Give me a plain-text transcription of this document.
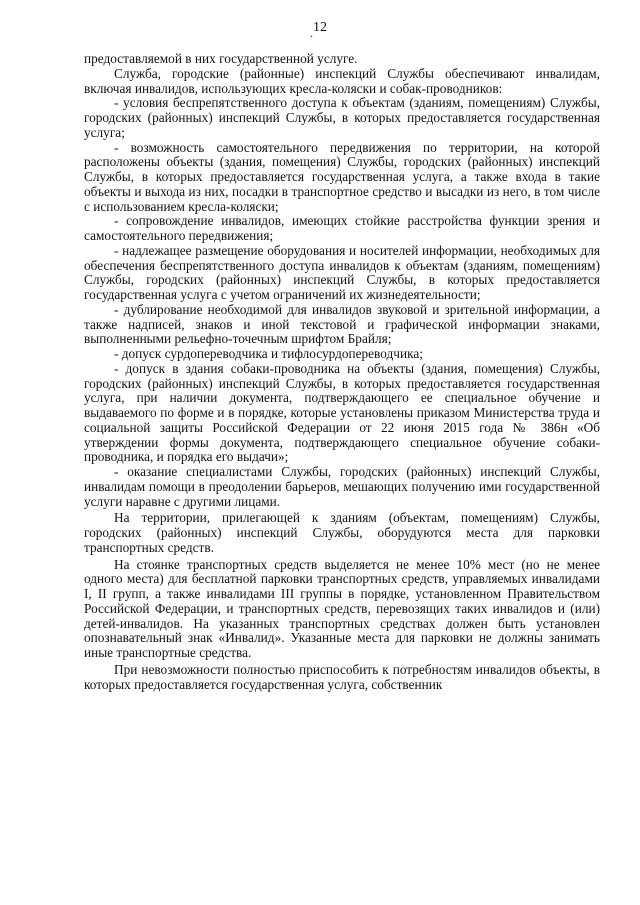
12
.

предоставляемой в них государственной услуге.

Служба, городские (районные) инспекций Службы обеспечивают инвалидам, включая инвалидов, использующих кресла-коляски и собак-проводников:

- условия беспрепятственного доступа к объектам (зданиям, помещениям) Службы, городских (районных) инспекций Службы, в которых предоставляется государственная услуга;

- возможность самостоятельного передвижения по территории, на которой расположены объекты (здания, помещения) Службы, городских (районных) инспекций Службы, в которых предоставляется государственная услуга, а также входа в такие объекты и выхода из них, посадки в транспортное средство и высадки из него, в том числе с использованием кресла-коляски;

- сопровождение инвалидов, имеющих стойкие расстройства функции зрения и самостоятельного передвижения;

- надлежащее размещение оборудования и носителей информации, необходимых для обеспечения беспрепятственного доступа инвалидов к объектам (зданиям, помещениям) Службы, городских (районных) инспекций Службы, в которых предоставляется государственная услуга с учетом ограничений их жизнедеятельности;

- дублирование необходимой для инвалидов звуковой и зрительной информации, а также надписей, знаков и иной текстовой и графической информации знаками, выполненными рельефно-точечным шрифтом Брайля;

- допуск сурдопереводчика и тифлосурдопереводчика;

- допуск в здания собаки-проводника на объекты (здания, помещения) Службы, городских (районных) инспекций Службы, в которых предоставляется государственная услуга, при наличии документа, подтверждающего ее специальное обучение и выдаваемого по форме и в порядке, которые установлены приказом Министерства труда и социальной защиты Российской Федерации от 22 июня 2015 года № 386н «Об утверждении формы документа, подтверждающего специальное обучение собаки-проводника, и порядка его выдачи»;

- оказание специалистами Службы, городских (районных) инспекций Службы, инвалидам помощи в преодолении барьеров, мешающих получению ими государственной услуги наравне с другими лицами.

На территории, прилегающей к зданиям (объектам, помещениям) Службы, городских (районных) инспекций Службы, оборудуются места для парковки транспортных средств.

На стоянке транспортных средств выделяется не менее 10% мест (но не менее одного места) для бесплатной парковки транспортных средств, управляемых инвалидами I, II групп, а также инвалидами III группы в порядке, установленном Правительством Российской Федерации, и транспортных средств, перевозящих таких инвалидов и (или) детей-инвалидов. На указанных транспортных средствах должен быть установлен опознавательный знак «Инвалид». Указанные места для парковки не должны занимать иные транспортные средства.

При невозможности полностью приспособить к потребностям инвалидов объекты, в которых предоставляется государственная услуга, собственник
